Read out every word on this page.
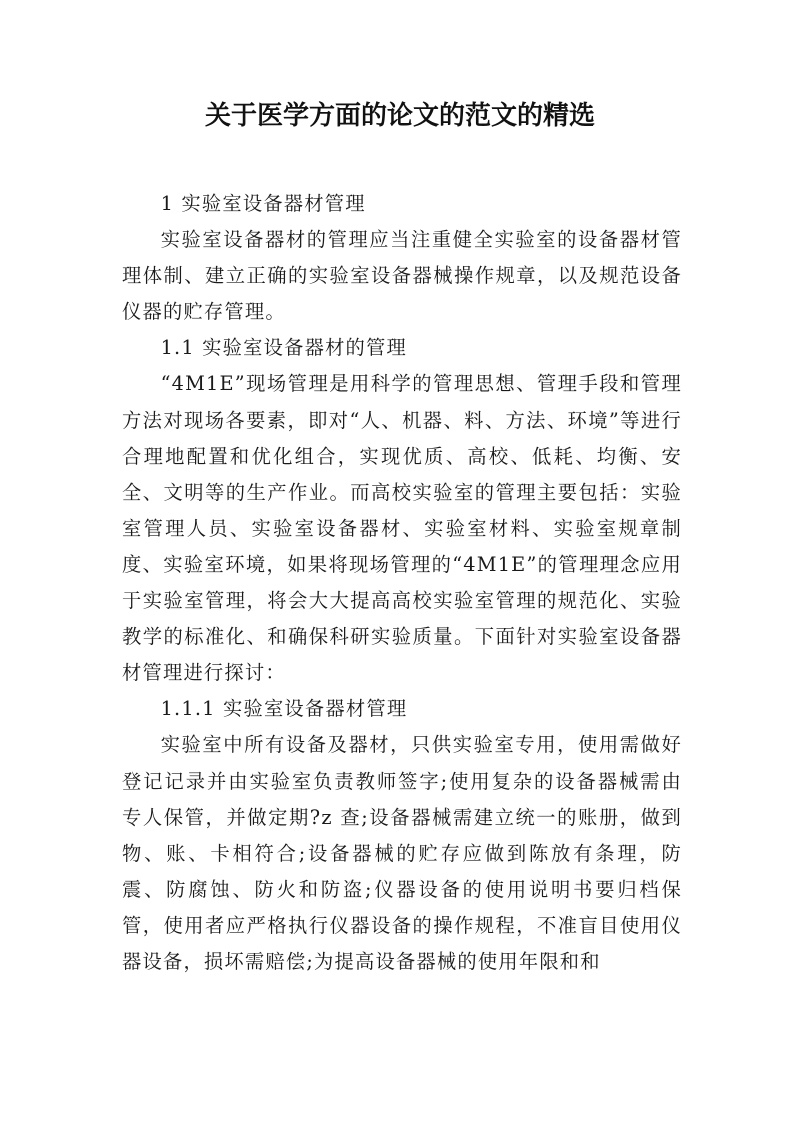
关于医学方面的论文的范文的精选

1 实验室设备器材管理

实验室设备器材的管理应当注重健全实验室的设备器材管理体制、建立正确的实验室设备器械操作规章，以及规范设备仪器的贮存管理。

1.1 实验室设备器材的管理

“4M1E”现场管理是用科学的管理思想、管理手段和管理方法对现场各要素，即对“人、机器、料、方法、环境”等进行合理地配置和优化组合，实现优质、高校、低耗、均衡、安全、文明等的生产作业。而高校实验室的管理主要包括：实验室管理人员、实验室设备器材、实验室材料、实验室规章制度、实验室环境，如果将现场管理的“4M1E”的管理理念应用于实验室管理，将会大大提高高校实验室管理的规范化、实验教学的标准化、和确保科研实验质量。下面针对实验室设备器材管理进行探讨：

1.1.1 实验室设备器材管理

实验室中所有设备及器材，只供实验室专用，使用需做好登记记录并由实验室负责教师签字;使用复杂的设备器械需由专人保管，并做定期?z 查;设备器械需建立统一的账册，做到物、账、卡相符合;设备器械的贮存应做到陈放有条理，防震、防腐蚀、防火和防盗;仪器设备的使用说明书要归档保管，使用者应严格执行仪器设备的操作规程，不准盲目使用仪器设备，损坏需赔偿;为提高设备器械的使用年限和和
